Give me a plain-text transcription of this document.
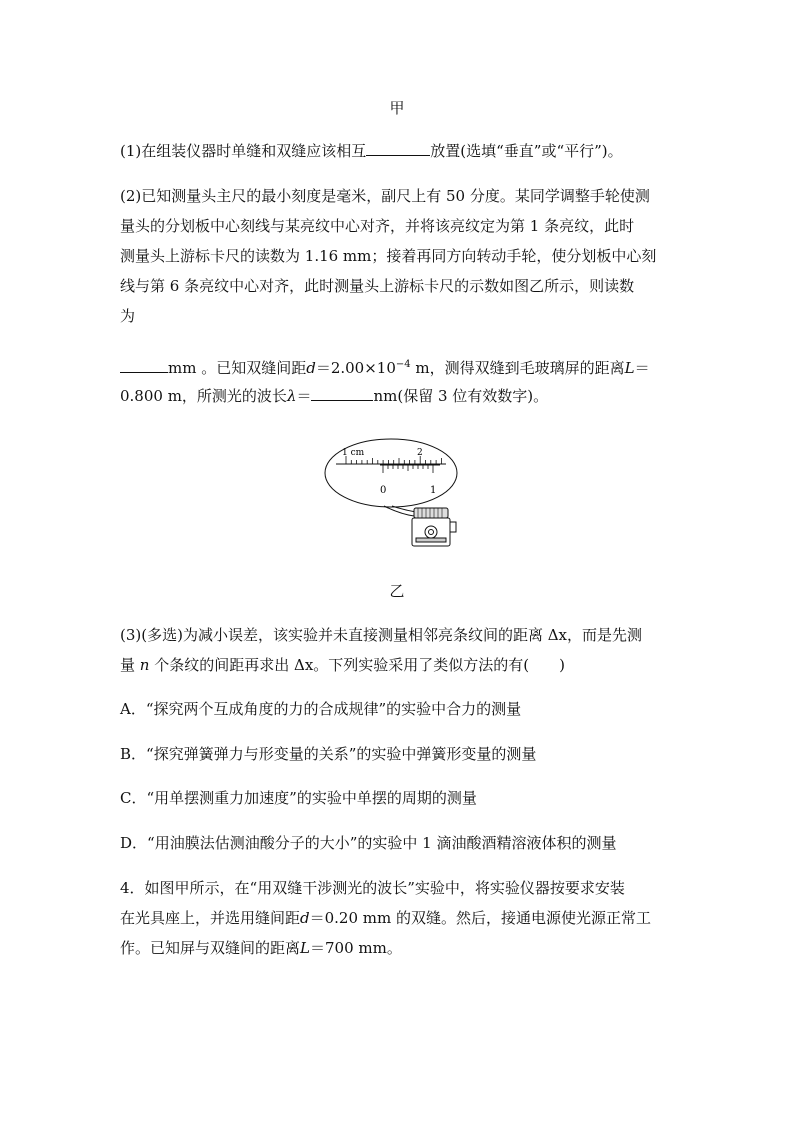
甲
(1)在组装仪器时单缝和双缝应该相互	放置(选填“垂直”或“平行”)。
(2)已知测量头主尺的最小刻度是毫米，副尺上有 50 分度。某同学调整手轮使测
量头的分划板中心刻线与某亮纹中心对齐，并将该亮纹定为第 1 条亮纹，此时
测量头上游标卡尺的读数为 1.16 mm；接着再同方向转动手轮，使分划板中心刻
线与第 6 条亮纹中心对齐，此时测量头上游标卡尺的示数如图乙所示，则读数
为
mm 。已知双缝间距$d=2.00\times 10^{-4}$ m，测得双缝到毛玻璃屏的距离L＝
0.800 m，所测光的波长λ＝	nm(保留 3 位有效数字)。
1 cm	2
0	1
乙
(3)(多选)为减小误差，该实验并未直接测量相邻亮条纹间的距离 Δx，而是先测
量 n 个条纹的间距再求出 Δx。下列实验采用了类似方法的有(　　)
A．“探究两个互成角度的力的合成规律”的实验中合力的测量
B．“探究弹簧弹力与形变量的关系”的实验中弹簧形变量的测量
C．“用单摆测重力加速度”的实验中单摆的周期的测量
D．“用油膜法估测油酸分子的大小”的实验中 1 滴油酸酒精溶液体积的测量
4．如图甲所示，在“用双缝干涉测光的波长”实验中，将实验仪器按要求安装
在光具座上，并选用缝间距d＝0.20 mm 的双缝。然后，接通电源使光源正常工
作。已知屏与双缝间的距离L＝700 mm。
